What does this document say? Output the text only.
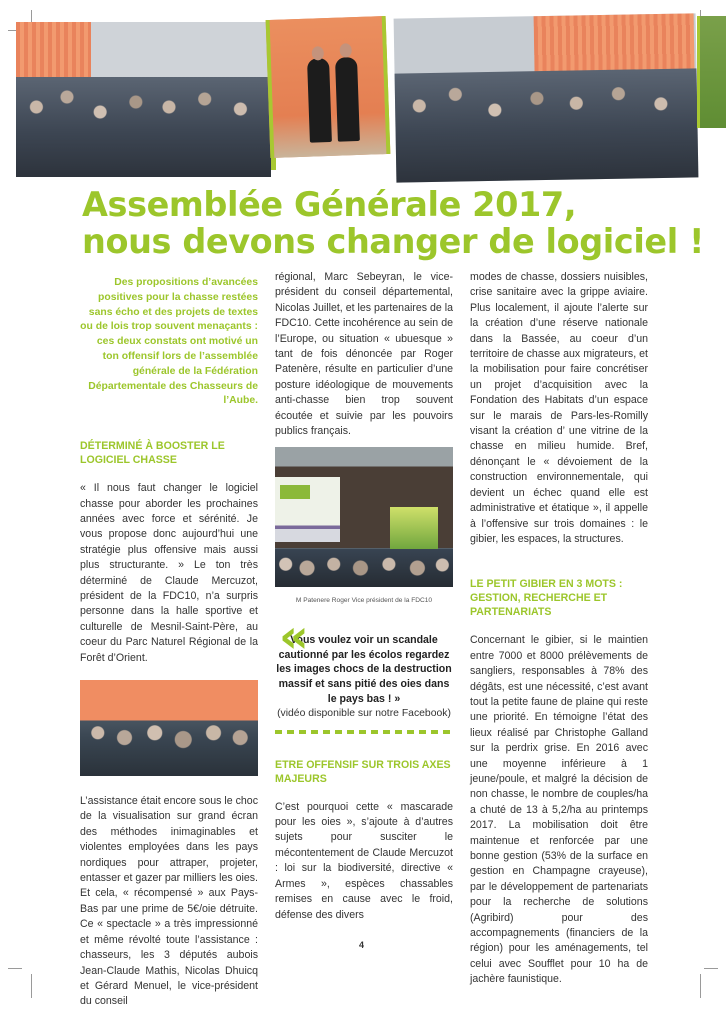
Assemblée Générale 2017,
nous devons changer de logiciel !

Des propositions d’avancées positives pour la chasse restées sans écho et des projets de textes ou de lois trop souvent menaçants : ces deux constats ont motivé un ton offensif lors de l’assemblée générale de la Fédération Départementale des Chasseurs de l’Aube.

DÉTERMINÉ À BOOSTER LE LOGICIEL CHASSE

« Il nous faut changer le logiciel chasse pour aborder les prochaines années avec force et sérénité. Je vous propose donc aujourd’hui une stratégie plus offensive mais aussi plus structurante. » Le ton très déterminé de Claude Mercuzot, président de la FDC10, n’a surpris personne dans la halle sportive et culturelle de Mesnil-Saint-Père, au coeur du Parc Naturel Régional de la Forêt d’Orient.

L’assistance était encore sous le choc de la visualisation sur grand écran des méthodes inimaginables et violentes employées dans les pays nordiques pour attraper, projeter, entasser et gazer par milliers les oies. Et cela, « récompensé » aux Pays-Bas par une prime de 5€/oie détruite. Ce « spectacle » a très impressionné et même révolté toute l’assistance : chasseurs, les 3 députés aubois Jean-Claude Mathis, Nicolas Dhuicq et Gérard Menuel, le vice-président du conseil

régional, Marc Sebeyran, le vice-président du conseil départemental, Nicolas Juillet, et les partenaires de la FDC10. Cette incohérence au sein de l’Europe, ou situation « ubuesque » tant de fois dénoncée par Roger Patenère, résulte en particulier d’une posture idéologique de mouvements anti-chasse bien trop souvent écoutée et suivie par les pouvoirs publics français.

M Patenere Roger Vice président de la FDC10

«

Vous voulez voir un scandale cautionné par les écolos regardez les images chocs de la destruction massif et sans pitié des oies dans le pays bas ! »

(vidéo disponible sur notre Facebook)

ETRE OFFENSIF SUR TROIS AXES MAJEURS

C’est pourquoi cette « mascarade pour les oies », s’ajoute à d’autres sujets pour susciter le mécontentement de Claude Mercuzot : loi sur la biodiversité, directive « Armes », espèces chassables remises en cause avec le froid, défense des divers

modes de chasse, dossiers nuisibles, crise sanitaire avec la grippe aviaire. Plus localement, il ajoute l’alerte sur la création d’une réserve nationale dans la Bassée, au coeur d’un territoire de chasse aux migrateurs, et la mobilisation pour faire concrétiser un projet d’acquisition avec la Fondation des Habitats d’un espace sur le marais de Pars-les-Romilly visant la création d’ une vitrine de la chasse en milieu humide. Bref, dénonçant le « dévoiement de la construction environnementale, qui devient un échec quand elle est administrative et étatique », il appelle à l’offensive sur trois domaines : le gibier, les espaces, la structures.

LE PETIT GIBIER EN 3 MOTS : GESTION, RECHERCHE ET PARTENARIATS

Concernant le gibier, si le maintien entre 7000 et 8000 prélèvements de sangliers, responsables à 78% des dégâts, est une nécessité, c’est avant tout la petite faune de plaine qui reste une priorité. En témoigne l’état des lieux réalisé par Christophe Galland sur la perdrix grise. En 2016 avec une moyenne inférieure à 1 jeune/poule, et malgré la décision de non chasse, le nombre de couples/ha a chuté de 13 à 5,2/ha au printemps 2017. La mobilisation doit être maintenue et renforcée par une bonne gestion (53% de la surface en gestion en Champagne crayeuse), par le développement de partenariats pour la recherche de solutions (Agribird) pour des accompagnements (financiers de la région) pour les aménagements, tel celui avec Soufflet pour 10 ha de jachère faunistique.

4
